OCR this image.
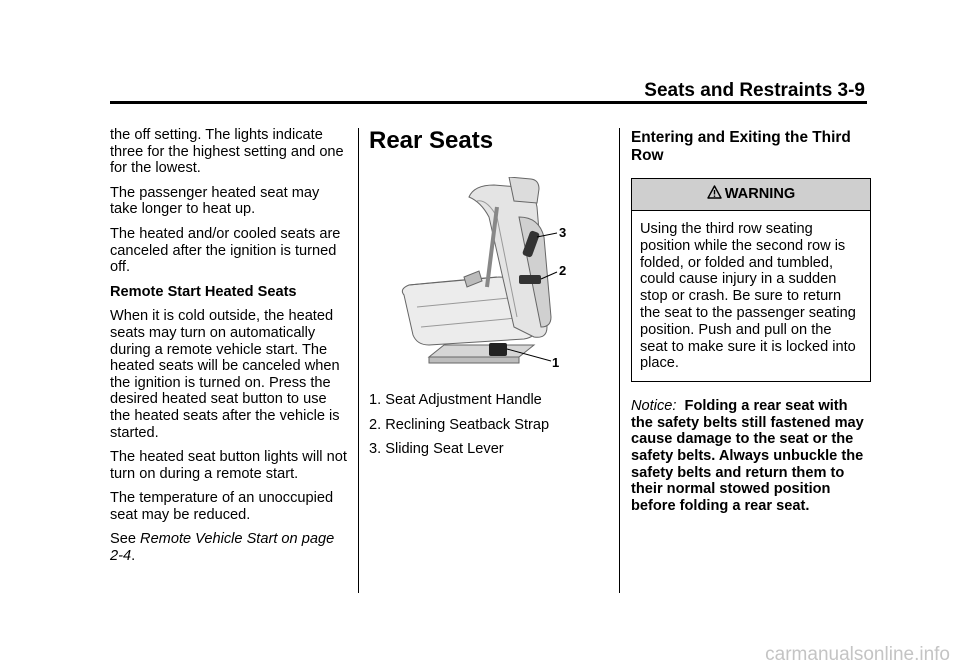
Seats and Restraints 3-9

the off setting. The lights indicate three for the highest setting and one for the lowest.

The passenger heated seat may take longer to heat up.

The heated and/or cooled seats are canceled after the ignition is turned off.

Remote Start Heated Seats

When it is cold outside, the heated seats may turn on automatically during a remote vehicle start. The heated seats will be canceled when the ignition is turned on. Press the desired heated seat button to use the heated seats after the vehicle is started.

The heated seat button lights will not turn on during a remote start.

The temperature of an unoccupied seat may be reduced.

See Remote Vehicle Start on page 2-4.

Rear Seats
3
2
1
1. Seat Adjustment Handle
2. Reclining Seatback Strap
3. Sliding Seat Lever
Entering and Exiting the Third Row
WARNING
Using the third row seating position while the second row is folded, or folded and tumbled, could cause injury in a sudden stop or crash. Be sure to return the seat to the passenger seating position. Push and pull on the seat to make sure it is locked into place.

Notice: Folding a rear seat with the safety belts still fastened may cause damage to the seat or the safety belts. Always unbuckle the safety belts and return them to their normal stowed position before folding a rear seat.

carmanualsonline.info
